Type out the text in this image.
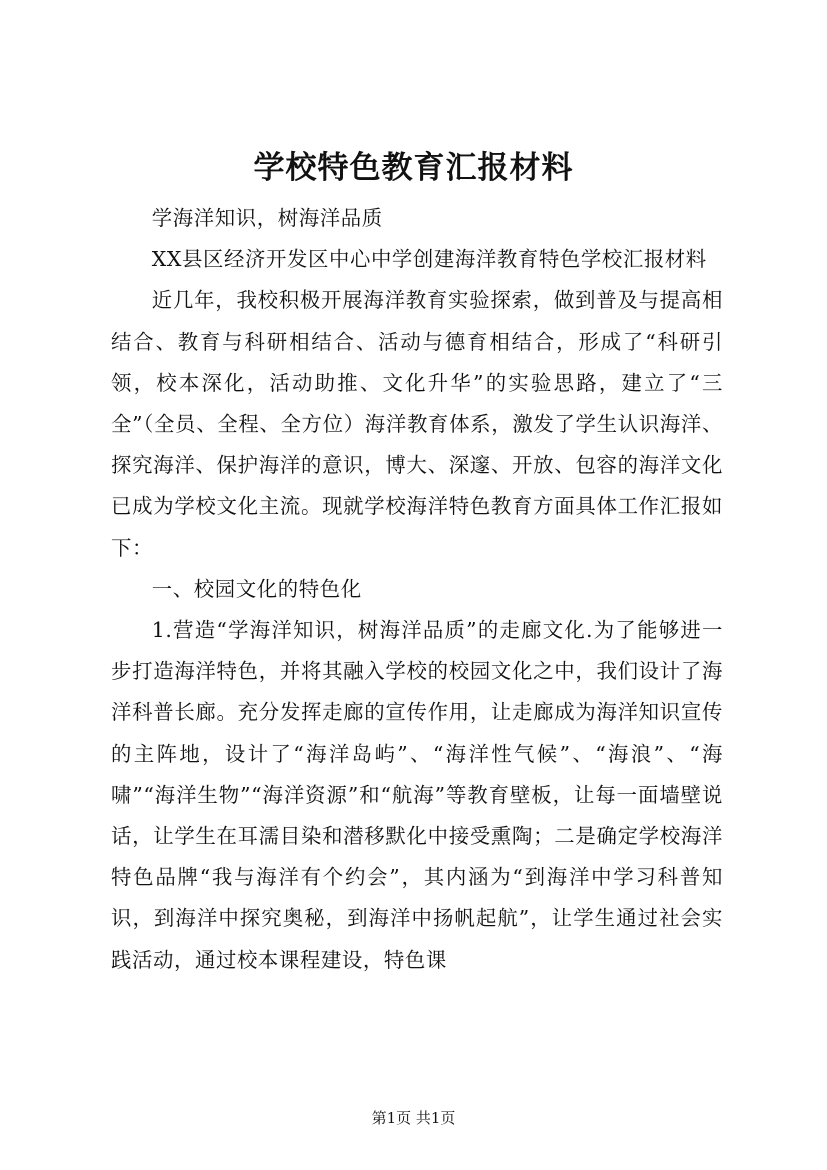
学校特色教育汇报材料

学海洋知识，树海洋品质

XX县区经济开发区中心中学创建海洋教育特色学校汇报材料

近几年，我校积极开展海洋教育实验探索，做到普及与提高相结合、教育与科研相结合、活动与德育相结合，形成了“科研引领，校本深化，活动助推、文化升华”的实验思路，建立了“三全”（全员、全程、全方位）海洋教育体系，激发了学生认识海洋、探究海洋、保护海洋的意识，博大、深邃、开放、包容的海洋文化已成为学校文化主流。现就学校海洋特色教育方面具体工作汇报如下：

一、校园文化的特色化

1.营造“学海洋知识，树海洋品质”的走廊文化.为了能够进一步打造海洋特色，并将其融入学校的校园文化之中，我们设计了海洋科普长廊。充分发挥走廊的宣传作用，让走廊成为海洋知识宣传的主阵地，设计了“海洋岛屿”、“海洋性气候”、“海浪”、“海啸”“海洋生物”“海洋资源”和“航海”等教育壁板，让每一面墙壁说话，让学生在耳濡目染和潜移默化中接受熏陶；二是确定学校海洋特色品牌“我与海洋有个约会”，其内涵为“到海洋中学习科普知识，到海洋中探究奥秘，到海洋中扬帆起航”，让学生通过社会实践活动，通过校本课程建设，特色课

第1页 共1页
